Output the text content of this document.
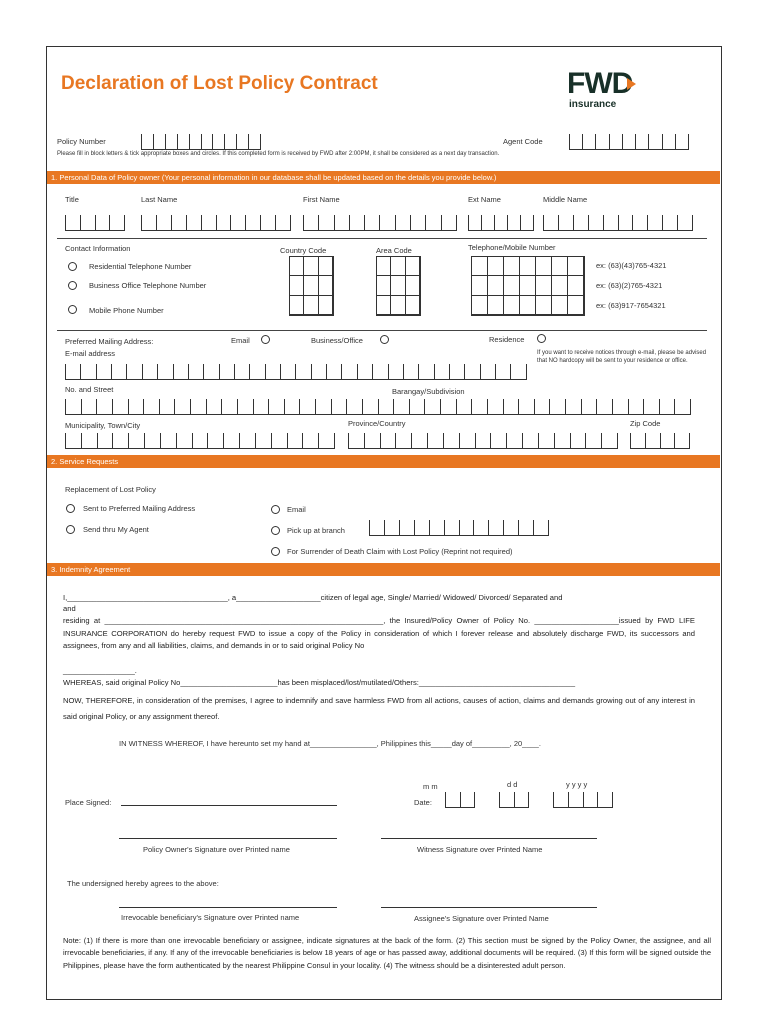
Declaration of Lost Policy Contract	FWD
insurance
Policy Number	Agent Code
Please fill in block letters & tick appropriate boxes and circles. If this completed form is received by FWD after 2:00PM, it shall be considered as a next day transaction.
1. Personal Data of Policy owner (Your personal information in our database shall be updated based on the details you provide below.)
Title	Last Name	First Name	Ext Name	Middle Name
Contact Information	Country Code	Area Code	Telephone/Mobile Number
Residential Telephone Number
Business Office Telephone Number
Mobile Phone Number
ex: (63)(43)765-4321
ex: (63)(2)765-4321
ex: (63)917-7654321
Preferred Mailing Address:	Email	Business/Office	Residence
E-mail address	If you want to receive notices through e-mail, please be advised that NO hardcopy will be sent to your residence or office.
No. and Street	Barangay/Subdivision
Municipality, Town/City	Province/Country	Zip Code
2. Service Requests
Replacement of Lost Policy
Sent to Preferred Mailing Address
Send thru My Agent
Email
Pick up at branch
For Surrender of Death Claim with Lost Policy (Reprint not required)
3. Indemnity Agreement
I,______________________________________, a____________________citizen of legal age, Single/ Married/ Widowed/ Divorced/ Separated and
and
residing at __________________________________________________________________, the Insured/Policy Owner of Policy No. ____________________issued by FWD LIFE INSURANCE CORPORATION do hereby request FWD to issue a copy of the Policy in consideration of which I forever release and absolutely discharge FWD, its successors and assignees, from any and all liabilities, claims, and demands in or to said original Policy No
_________________.
WHEREAS, said original Policy No_______________________has been misplaced/lost/mutilated/Others:_____________________________________
NOW, THEREFORE, in consideration of the premises, I agree to indemnify and save harmless FWD from all actions, causes of action, claims and demands growing out of any interest in said original Policy, or any assignment thereof.
IN WITNESS WHEREOF, I have hereunto set my hand at________________, Philippines this_____day of_________, 20____.
m m	d d	y y y y
Place Signed:	Date:
Policy Owner's Signature over Printed name	Witness Signature over Printed Name
The undersigned hereby agrees to the above:
Irrevocable beneficiary's Signature over Printed name	Assignee's Signature over Printed Name
Note: (1) If there is more than one irrevocable beneficiary or assignee, indicate signatures at the back of the form. (2) This section must be signed by the Policy Owner, the assignee, and all irrevocable beneficiaries, if any. If any of the irrevocable beneficiaries is below 18 years of age or has passed away, additional documents will be required. (3) If this form will be signed outside the Philippines, please have the form authenticated by the nearest Philippine Consul in your locality. (4) The witness should be a disinterested adult person.
